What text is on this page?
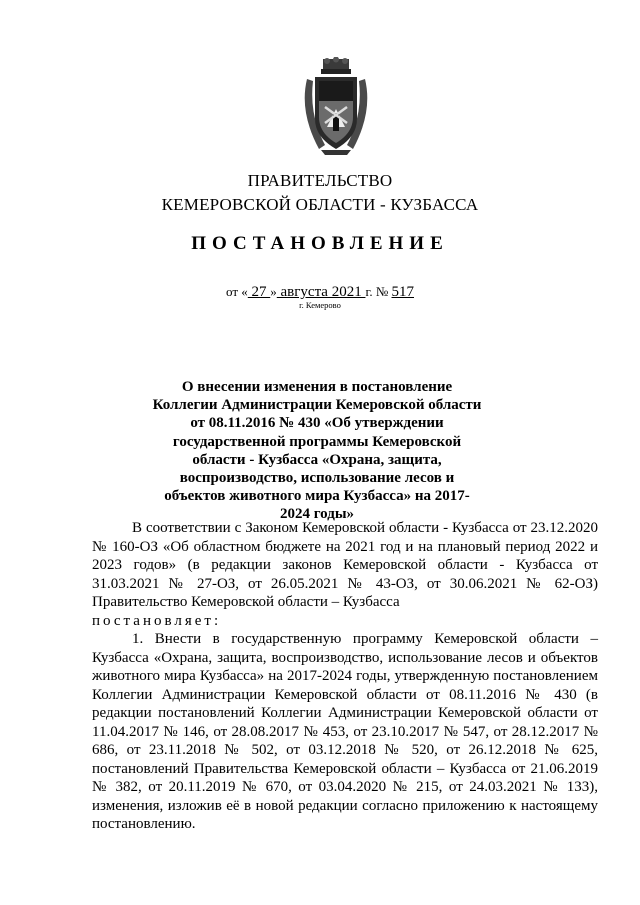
ПРАВИТЕЛЬСТВО
КЕМЕРОВСКОЙ ОБЛАСТИ - КУЗБАССА
ПОСТАНОВЛЕНИЕ
от « 27 » августа 2021 г. № 517
г. Кемерово
О внесении изменения в постановление Коллегии Администрации Кемеровской области от 08.11.2016 № 430 «Об утверждении государственной программы Кемеровской области - Кузбасса «Охрана, защита, воспроизводство, использование лесов и объектов животного мира Кузбасса» на 2017-2024 годы»

В соответствии с Законом Кемеровской области - Кузбасса от 23.12.2020 № 160-ОЗ «Об областном бюджете на 2021 год и на плановый период 2022 и 2023 годов» (в редакции законов Кемеровской области - Кузбасса от 31.03.2021 № 27-ОЗ, от 26.05.2021 № 43-ОЗ, от 30.06.2021 № 62-ОЗ) Правительство Кемеровской области – Кузбасса

постановляет:

1. Внести в государственную программу Кемеровской области – Кузбасса «Охрана, защита, воспроизводство, использование лесов и объектов животного мира Кузбасса» на 2017-2024 годы, утвержденную постановлением Коллегии Администрации Кемеровской области от 08.11.2016 № 430 (в редакции постановлений Коллегии Администрации Кемеровской области от 11.04.2017 № 146, от 28.08.2017 № 453, от 23.10.2017 № 547, от 28.12.2017 № 686, от 23.11.2018 № 502, от 03.12.2018 № 520, от 26.12.2018 № 625, постановлений Правительства Кемеровской области – Кузбасса от 21.06.2019 № 382, от 20.11.2019 № 670, от 03.04.2020 № 215, от 24.03.2021 № 133), изменения, изложив её в новой редакции согласно приложению к настоящему постановлению.
